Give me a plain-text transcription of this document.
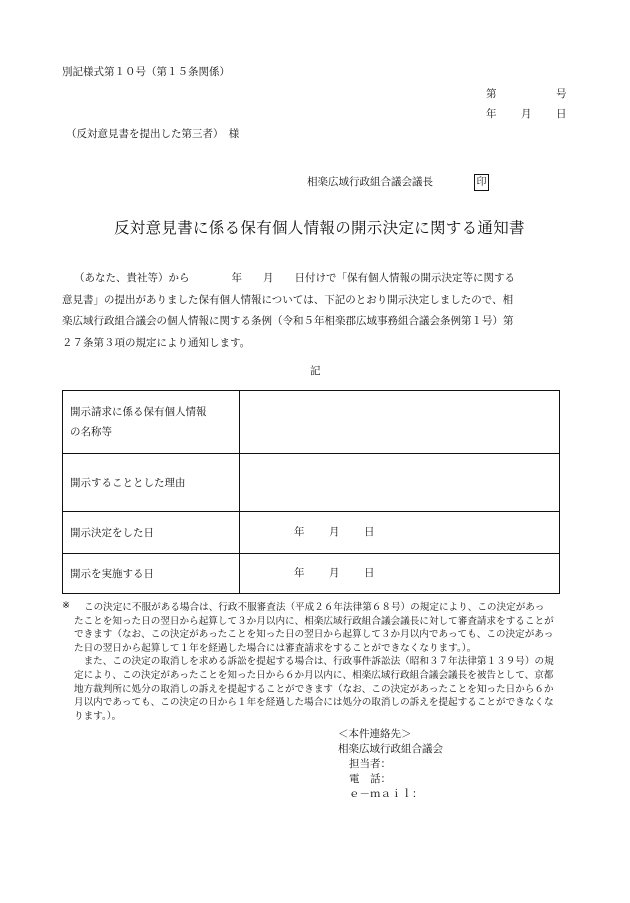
別記様式第１０号（第１５条関係）
第	号
年 月 日
（反対意見書を提出した第三者）　様
相楽広域行政組合議会議長	印
反対意見書に係る保有個人情報の開示決定に関する通知書
（あなた、貴社等）から　　　　年　　月　　日付けで「保有個人情報の開示決定等に関する
意見書」の提出がありました保有個人情報については、下記のとおり開示決定しましたので、相
楽広域行政組合議会の個人情報に関する条例（令和５年相楽郡広域事務組合議会条例第１号）第
２７条第３項の規定により通知します。
記
開示請求に係る保有個人情報
の名称等	

開示することとした理由	

開示決定をした日	年 月 日

開示を実施する日	年 月 日
※	この決定に不服がある場合は、行政不服審査法（平成２６年法律第６８号）の規定により、この決定があっ
たことを知った日の翌日から起算して３か月以内に、相楽広域行政組合議会議長に対して審査請求をすることが
できます（なお、この決定があったことを知った日の翌日から起算して３か月以内であっても、この決定があっ
た日の翌日から起算して１年を経過した場合には審査請求をすることができなくなります。）。
　また、この決定の取消しを求める訴訟を提起する場合は、行政事件訴訟法（昭和３７年法律第１３９号）の規
定により、この決定があったことを知った日から６か月以内に、相楽広域行政組合議会議長を被告として、京都
地方裁判所に処分の取消しの訴えを提起することができます（なお、この決定があったことを知った日から６か
月以内であっても、この決定の日から１年を経過した場合には処分の取消しの訴えを提起することができなくな
ります。）。
＜本件連絡先＞
相楽広域行政組合議会
担当者：
電　話：
ｅ－ｍａｉｌ：
